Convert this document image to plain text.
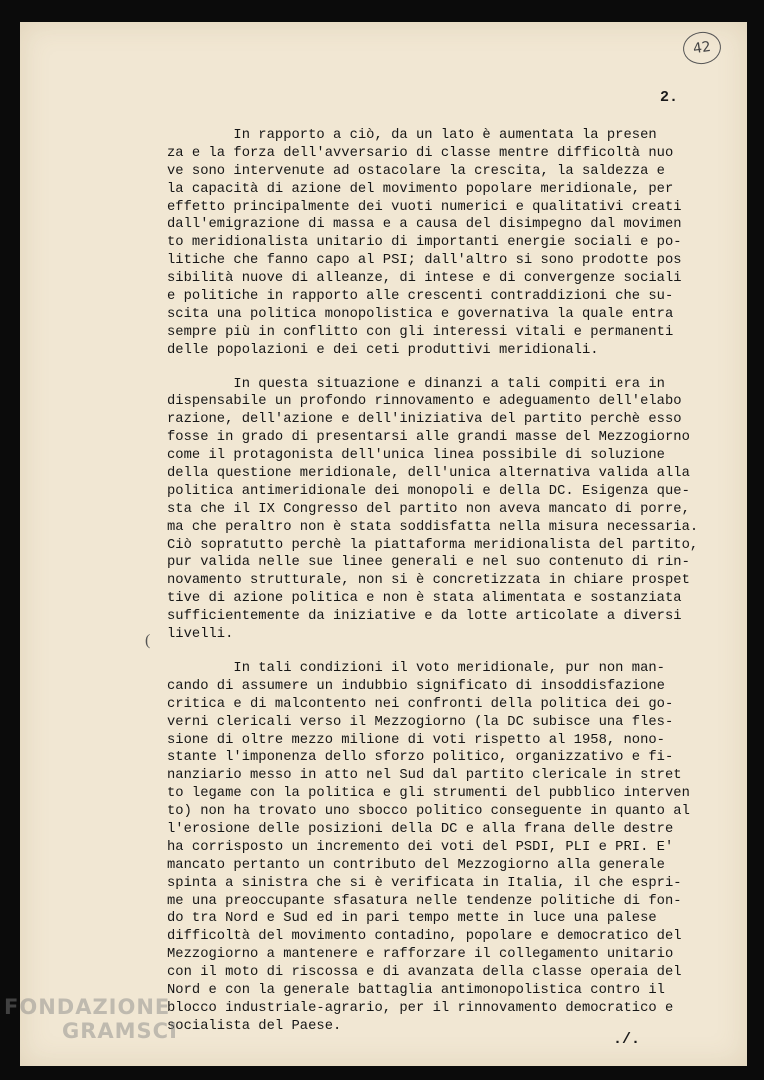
42
2.
(
In rapporto a ciò, da un lato è aumentata la presen
za e la forza dell'avversario di classe mentre difficoltà nuo
ve sono intervenute ad ostacolare la crescita, la saldezza e
la capacità di azione del movimento popolare meridionale, per
effetto principalmente dei vuoti numerici e qualitativi creati
dall'emigrazione di massa e a causa del disimpegno dal movimen
to meridionalista unitario di importanti energie sociali e po-
litiche che fanno capo al PSI; dall'altro si sono prodotte pos
sibilità nuove di alleanze, di intese e di convergenze sociali
e politiche in rapporto alle crescenti contraddizioni che su-
scita una politica monopolistica e governativa la quale entra
sempre più in conflitto con gli interessi vitali e permanenti
delle popolazioni e dei ceti produttivi meridionali.
In questa situazione e dinanzi a tali compiti era in
dispensabile un profondo rinnovamento e adeguamento dell'elabo
razione, dell'azione e dell'iniziativa del partito perchè esso
fosse in grado di presentarsi alle grandi masse del Mezzogiorno
come il protagonista dell'unica linea possibile di soluzione
della questione meridionale, dell'unica alternativa valida alla
politica antimeridionale dei monopoli e della DC. Esigenza que-
sta che il IX Congresso del partito non aveva mancato di porre,
ma che peraltro non è stata soddisfatta nella misura necessaria.
Ciò sopratutto perchè la piattaforma meridionalista del partito,
pur valida nelle sue linee generali e nel suo contenuto di rin-
novamento strutturale, non si è concretizzata in chiare prospet
tive di azione politica e non è stata alimentata e sostanziata
sufficientemente da iniziative e da lotte articolate a diversi
livelli.
In tali condizioni il voto meridionale, pur non man-
cando di assumere un indubbio significato di insoddisfazione
critica e di malcontento nei confronti della politica dei go-
verni clericali verso il Mezzogiorno (la DC subisce una fles-
sione di oltre mezzo milione di voti rispetto al 1958, nono-
stante l'imponenza dello sforzo politico, organizzativo e fi-
nanziario messo in atto nel Sud dal partito clericale in stret
to legame con la politica e gli strumenti del pubblico interven
to) non ha trovato uno sbocco politico conseguente in quanto al
l'erosione delle posizioni della DC e alla frana delle destre
ha corrisposto un incremento dei voti del PSDI, PLI e PRI. E'
mancato pertanto un contributo del Mezzogiorno alla generale
spinta a sinistra che si è verificata in Italia, il che espri-
me una preoccupante sfasatura nelle tendenze politiche di fon-
do tra Nord e Sud ed in pari tempo mette in luce una palese
difficoltà del movimento contadino, popolare e democratico del
Mezzogiorno a mantenere e rafforzare il collegamento unitario
con il moto di riscossa e di avanzata della classe operaia del
Nord e con la generale battaglia antimonopolistica contro il
blocco industriale-agrario, per il rinnovamento democratico e
socialista del Paese.
./.
FONDAZIONE
GRAMSCI
